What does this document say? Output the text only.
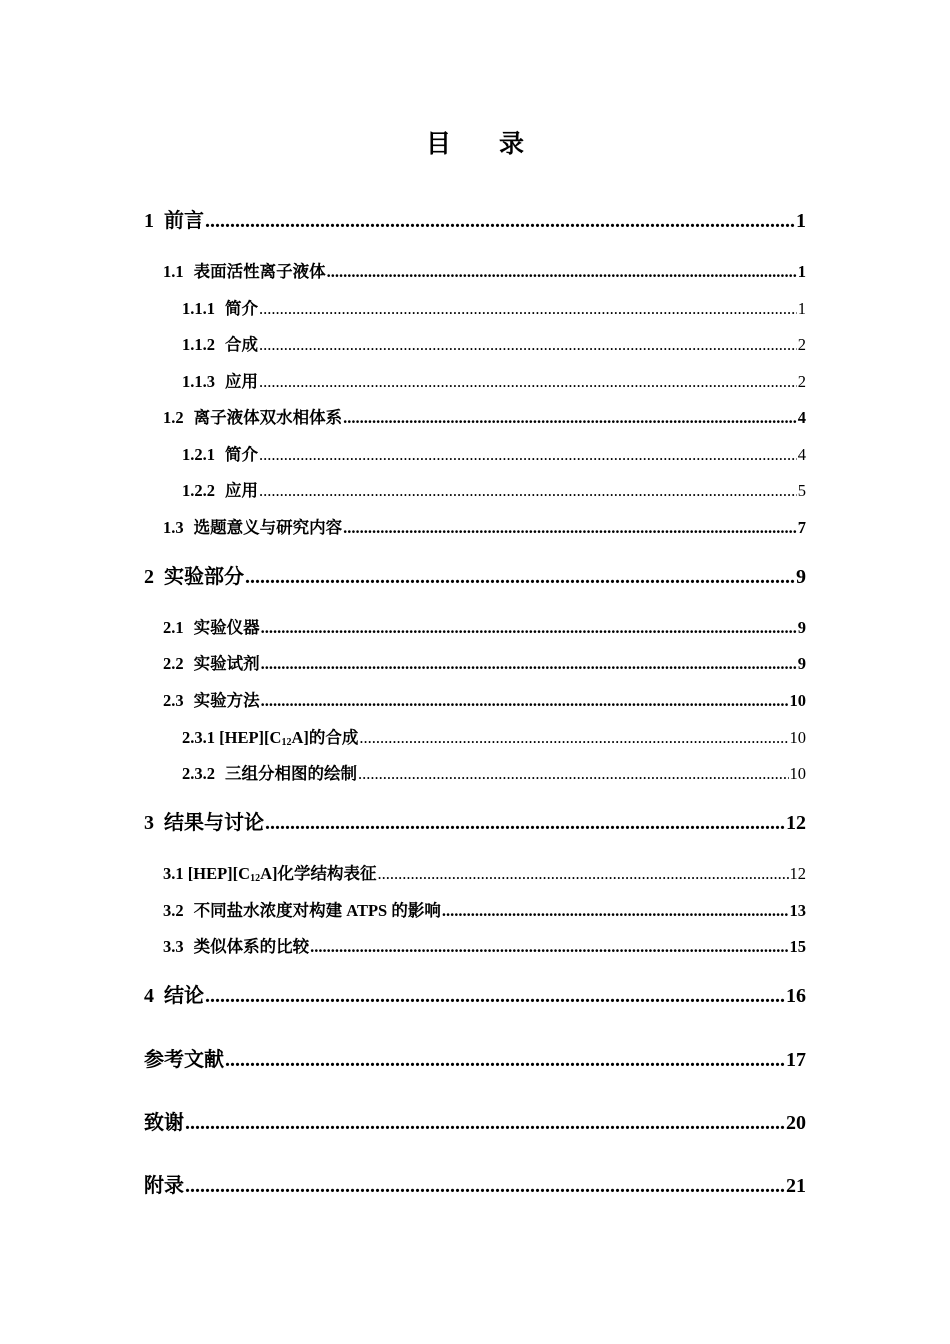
目 录
1 前言 .....	1
1.1 表面活性离子液体 .....	1
1.1.1 简介 .....	1
1.1.2 合成 .....	2
1.1.3 应用 .....	2
1.2 离子液体双水相体系 .....	4
1.2.1 简介 .....	4
1.2.2 应用 .....	5
1.3 选题意义与研究内容 .....	7
2 实验部分 .....	9
2.1 实验仪器 .....	9
2.2 实验试剂 .....	9
2.3 实验方法 .....	10
2.3.1 $[HEP][C_{12}A]$的合成 .....	10
2.3.2 三组分相图的绘制 .....	10
3 结果与讨论 .....	12
3.1 $[HEP][C_{12}A]$化学结构表征 .....	12
3.2 不同盐水浓度对构建 ATPS 的影响 .....	13
3.3 类似体系的比较 .....	15
4 结论 .....	16
参考文献 .....	17
致谢 .....	20
附录 .....	21
